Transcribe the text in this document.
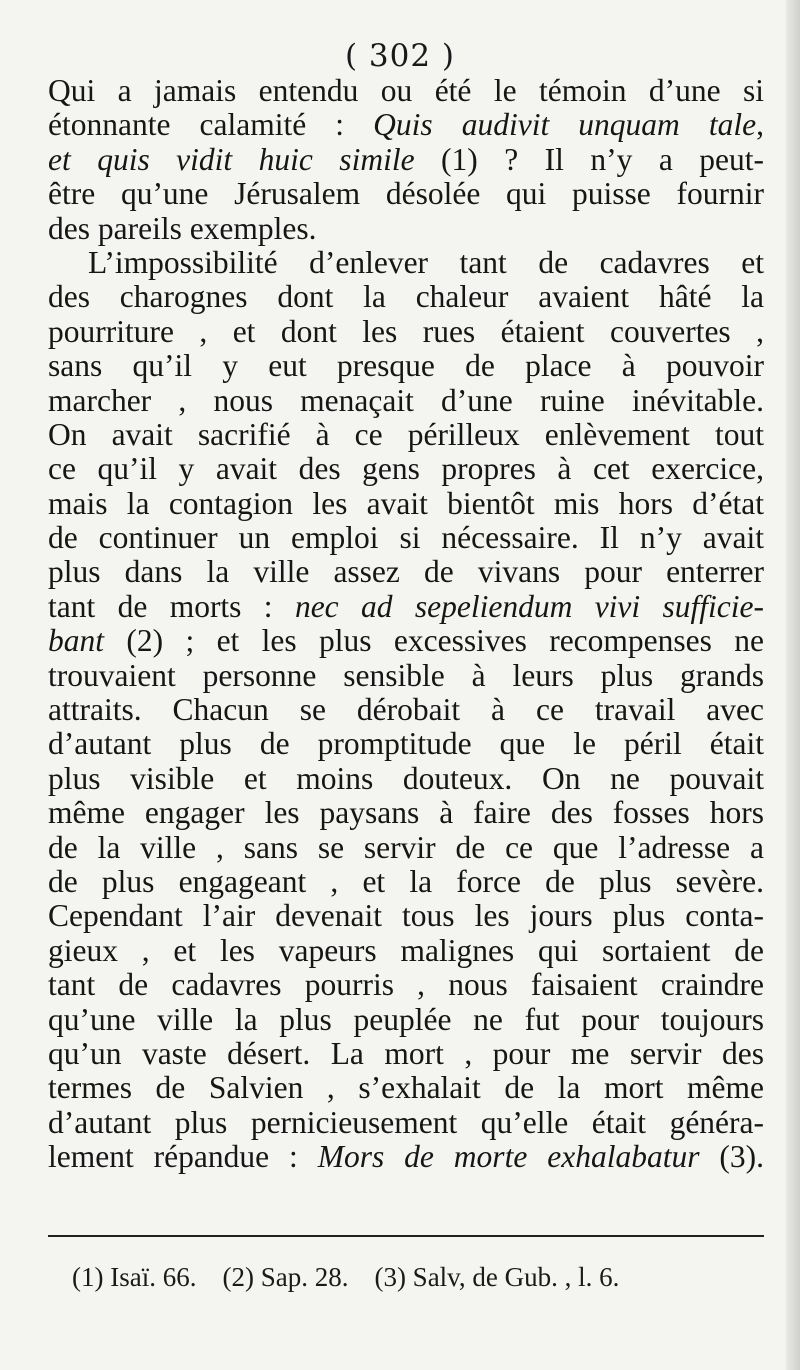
( 302 )
Qui a jamais entendu ou été le témoin d’une si
étonnante calamité : Quis audivit unquam tale,
et quis vidit huic simile (1) ? Il n’y a peut-
être qu’une Jérusalem désolée qui puisse fournir
des pareils exemples.
L’impossibilité d’enlever tant de cadavres et
des charognes dont la chaleur avaient hâté la
pourriture , et dont les rues étaient couvertes ,
sans qu’il y eut presque de place à pouvoir
marcher , nous menaçait d’une ruine inévitable.
On avait sacrifié à ce périlleux enlèvement tout
ce qu’il y avait des gens propres à cet exercice,
mais la contagion les avait bientôt mis hors d’état
de continuer un emploi si nécessaire. Il n’y avait
plus dans la ville assez de vivans pour enterrer
tant de morts : nec ad sepeliendum vivi sufficie-
bant (2) ; et les plus excessives recompenses ne
trouvaient personne sensible à leurs plus grands
attraits. Chacun se dérobait à ce travail avec
d’autant plus de promptitude que le péril était
plus visible et moins douteux. On ne pouvait
même engager les paysans à faire des fosses hors
de la ville , sans se servir de ce que l’adresse a
de plus engageant , et la force de plus sevère.
Cependant l’air devenait tous les jours plus conta-
gieux , et les vapeurs malignes qui sortaient de
tant de cadavres pourris , nous faisaient craindre
qu’une ville la plus peuplée ne fut pour toujours
qu’un vaste désert. La mort , pour me servir des
termes de Salvien , s’exhalait de la mort même
d’autant plus pernicieusement qu’elle était généra-
lement répandue : Mors de morte exhalabatur (3).
(1) Isaï. 66. (2) Sap. 28. (3) Salv, de Gub. , l. 6.
